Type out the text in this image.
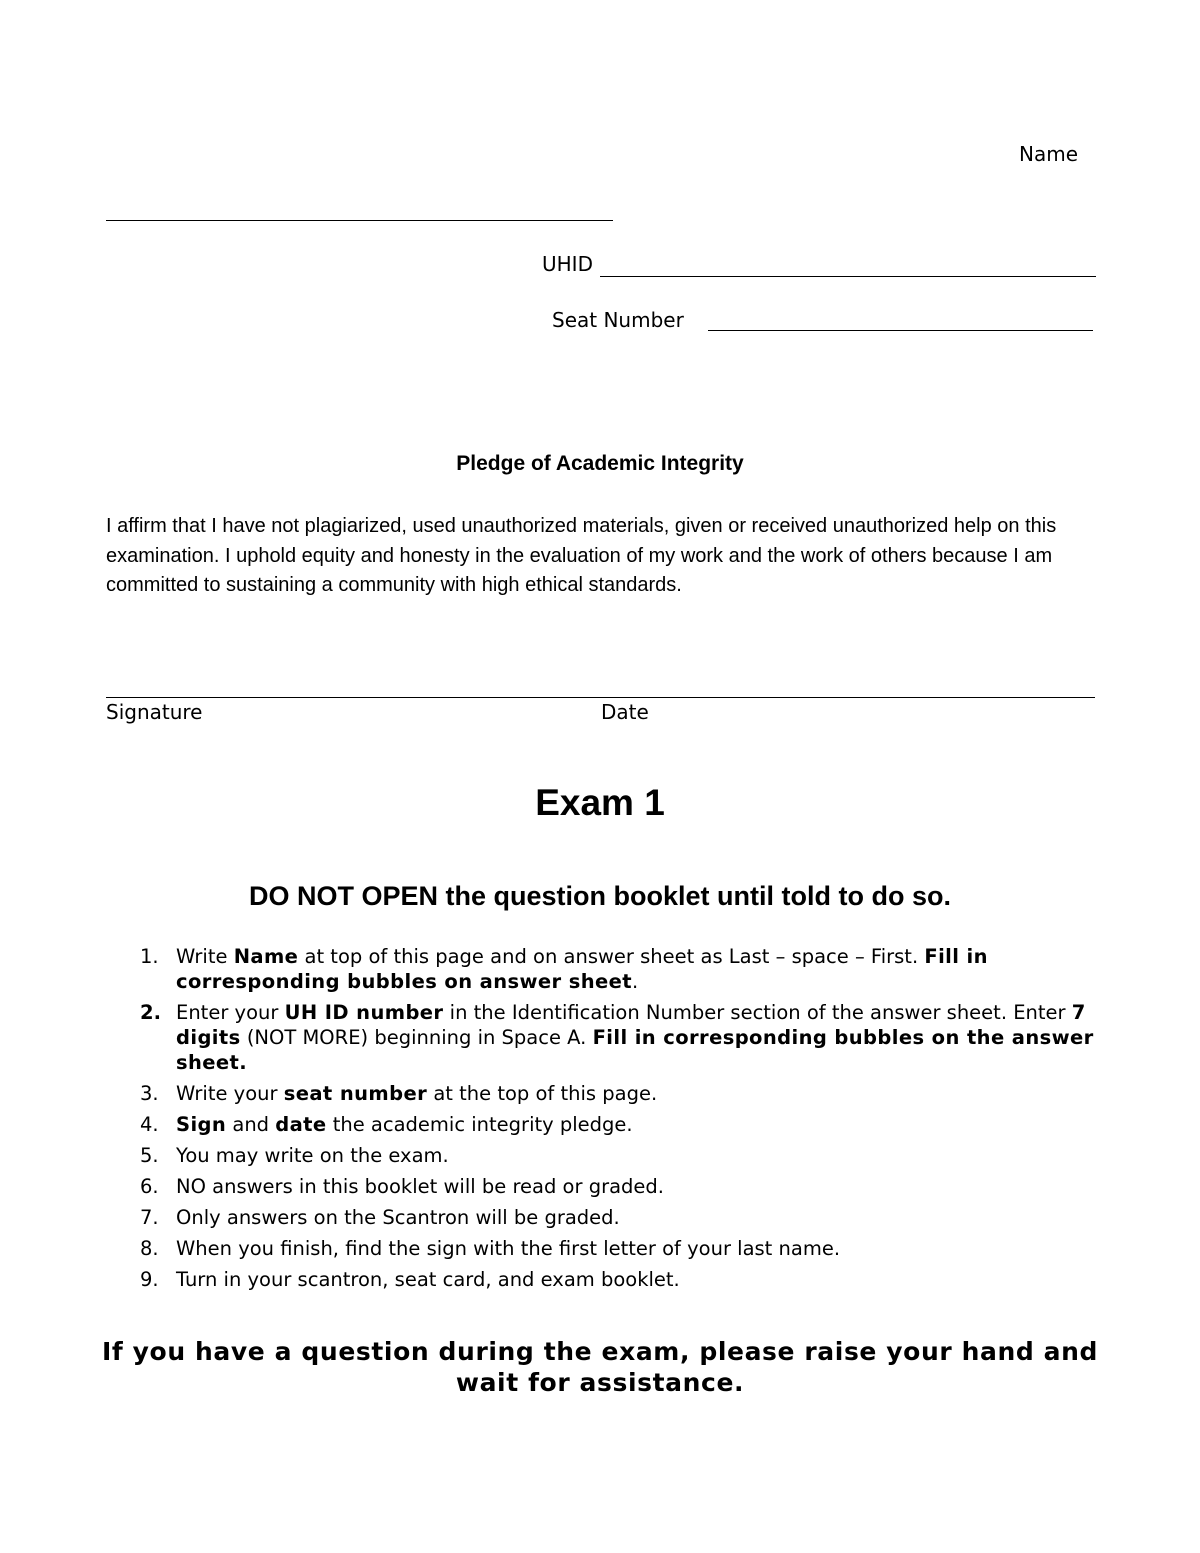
Name
UHID
Seat Number
Pledge of Academic Integrity
I affirm that I have not plagiarized, used unauthorized materials, given or received unauthorized help on this examination. I uphold equity and honesty in the evaluation of my work and the work of others because I am committed to sustaining a community with high ethical standards.
Signature	Date
Exam 1
DO NOT OPEN the question booklet until told to do so.
1. Write Name at top of this page and on answer sheet as Last – space – First. Fill in corresponding bubbles on answer sheet.
2. Enter your UH ID number in the Identification Number section of the answer sheet. Enter 7 digits (NOT MORE) beginning in Space A. Fill in corresponding bubbles on the answer sheet.
3. Write your seat number at the top of this page.
4. Sign and date the academic integrity pledge.
5. You may write on the exam.
6. NO answers in this booklet will be read or graded.
7. Only answers on the Scantron will be graded.
8. When you finish, find the sign with the first letter of your last name.
9. Turn in your scantron, seat card, and exam booklet.
If you have a question during the exam, please raise your hand and wait for assistance.
